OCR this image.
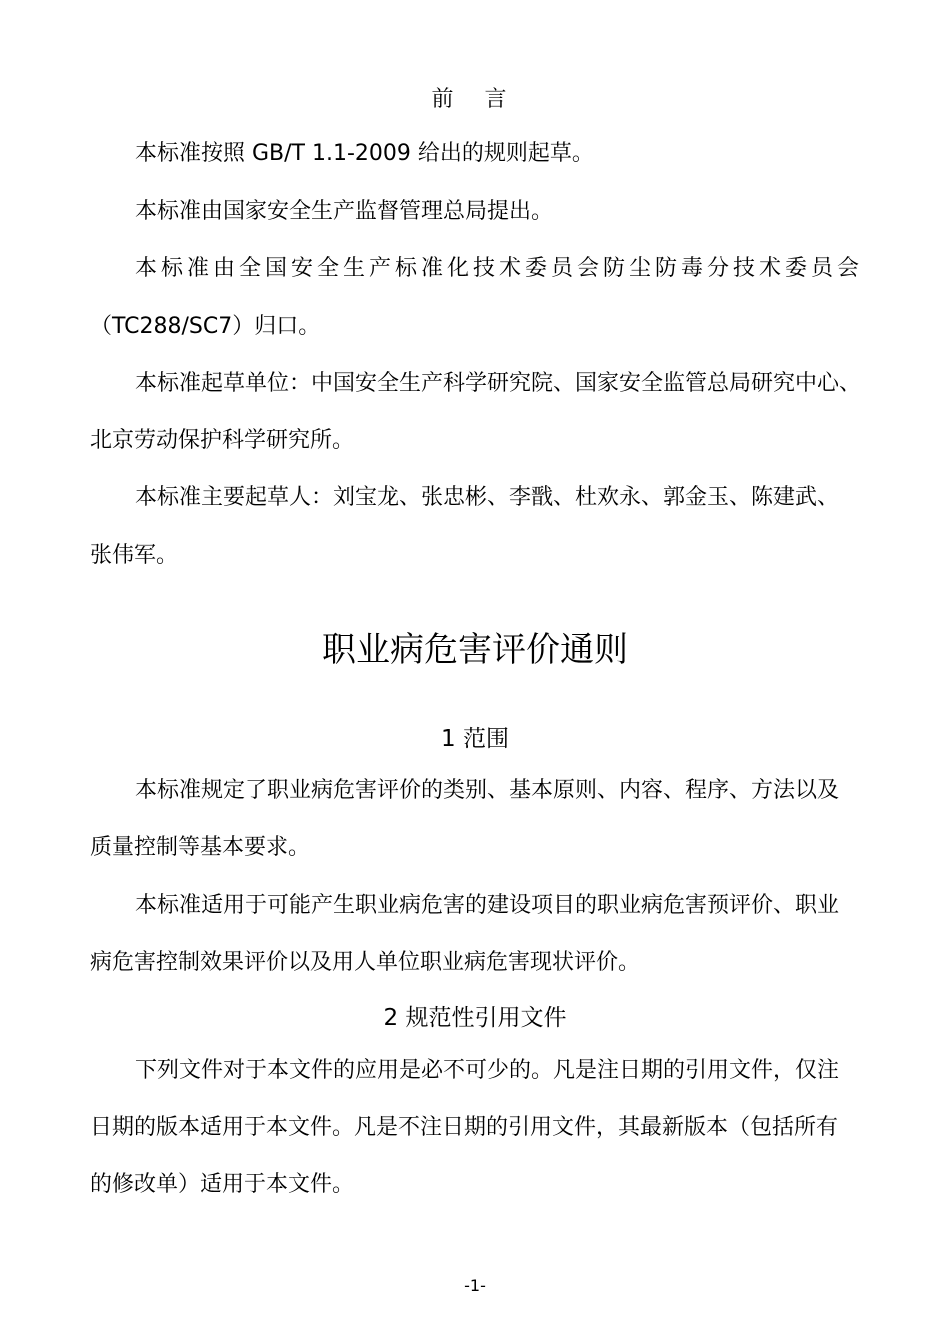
前 言
本标准按照 GB/T 1.1-2009 给出的规则起草。
本标准由国家安全生产监督管理总局提出。
本标准由全国安全生产标准化技术委员会防尘防毒分技术委员会
（TC288/SC7）归口。
本标准起草单位：中国安全生产科学研究院、国家安全监管总局研究中心、
北京劳动保护科学研究所。
本标准主要起草人：刘宝龙、张忠彬、李戬、杜欢永、郭金玉、陈建武、
张伟军。
职业病危害评价通则
1 范围
本标准规定了职业病危害评价的类别、基本原则、内容、程序、方法以及
质量控制等基本要求。
本标准适用于可能产生职业病危害的建设项目的职业病危害预评价、职业
病危害控制效果评价以及用人单位职业病危害现状评价。
2 规范性引用文件
下列文件对于本文件的应用是必不可少的。凡是注日期的引用文件，仅注
日期的版本适用于本文件。凡是不注日期的引用文件，其最新版本（包括所有
的修改单）适用于本文件。
-1-
